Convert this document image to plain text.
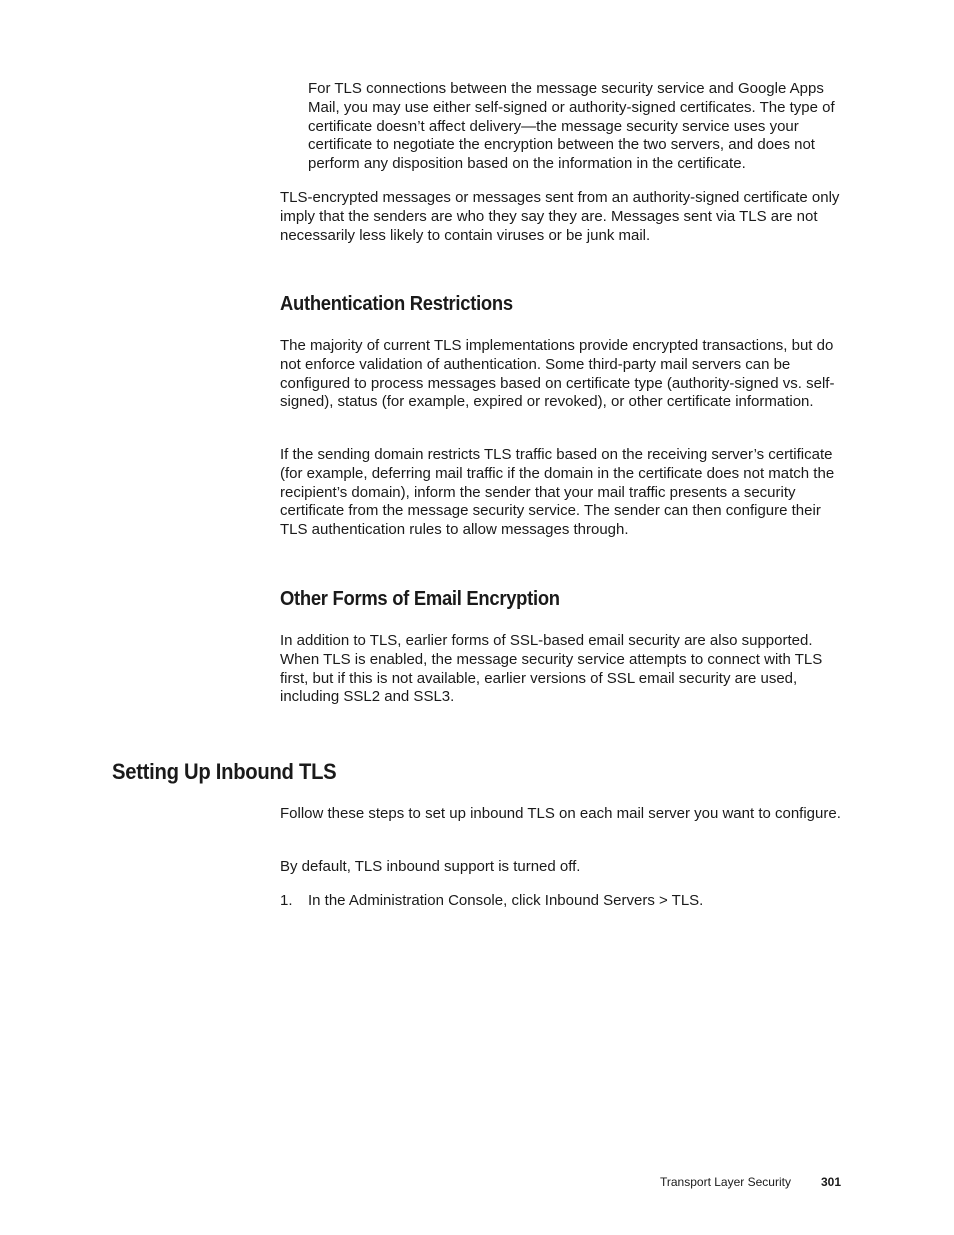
For TLS connections between the message security service and Google Apps Mail, you may use either self-signed or authority-signed certificates. The type of certificate doesn’t affect delivery—the message security service uses your certificate to negotiate the encryption between the two servers, and does not perform any disposition based on the information in the certificate.

TLS-encrypted messages or messages sent from an authority-signed certificate only imply that the senders are who they say they are. Messages sent via TLS are not necessarily less likely to contain viruses or be junk mail.

Authentication Restrictions

The majority of current TLS implementations provide encrypted transactions, but do not enforce validation of authentication. Some third-party mail servers can be configured to process messages based on certificate type (authority-signed vs. self-signed), status (for example, expired or revoked), or other certificate information.

If the sending domain restricts TLS traffic based on the receiving server’s certificate (for example, deferring mail traffic if the domain in the certificate does not match the recipient’s domain), inform the sender that your mail traffic presents a security certificate from the message security service. The sender can then configure their TLS authentication rules to allow messages through.

Other Forms of Email Encryption

In addition to TLS, earlier forms of SSL-based email security are also supported. When TLS is enabled, the message security service attempts to connect with TLS first, but if this is not available, earlier versions of SSL email security are used, including SSL2 and SSL3.

Setting Up Inbound TLS

Follow these steps to set up inbound TLS on each mail server you want to configure.

By default, TLS inbound support is turned off.

1. In the Administration Console, click Inbound Servers > TLS.
Transport Layer Security	301
